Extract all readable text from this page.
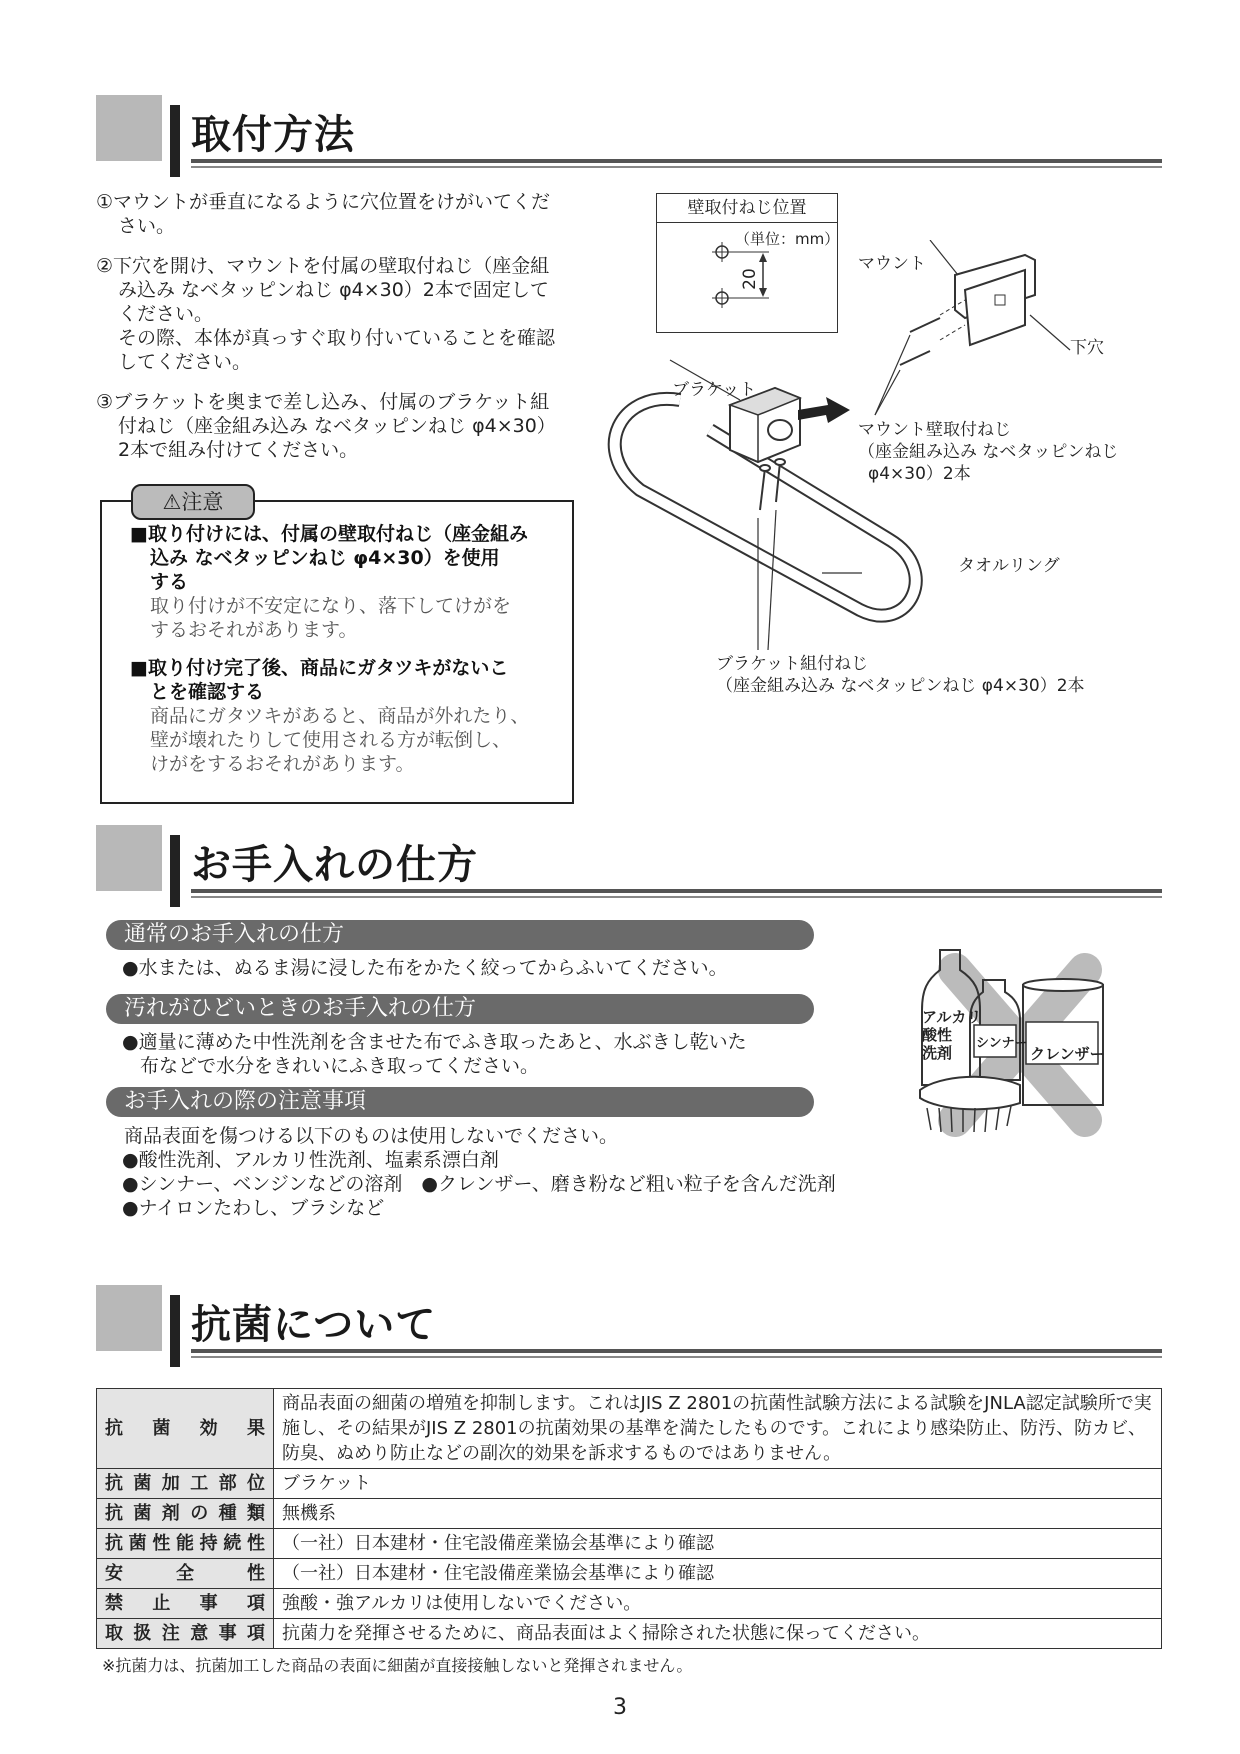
取付方法
①マウントが垂直になるように穴位置をけがいてくだ
さい。
②下穴を開け、マウントを付属の壁取付ねじ（座金組
み込み なベタッピンねじ φ4×30）2本で固定して
ください。
その際、本体が真っすぐ取り付いていることを確認
してください。
③ブラケットを奥まで差し込み、付属のブラケット組
付ねじ（座金組み込み なベタッピンねじ φ4×30）
2本で組み付けてください。
⚠注意
■取り付けには、付属の壁取付ねじ（座金組み
込み なベタッピンねじ φ4×30）を使用
する
取り付けが不安定になり、落下してけがを
するおそれがあります。
■取り付け完了後、商品にガタツキがないこ
とを確認する
商品にガタツキがあると、商品が外れたり、
壁が壊れたりして使用される方が転倒し、
けがをするおそれがあります。
壁取付ねじ位置
（単位：mm）
20
マウント
下穴
ブラケット
マウント壁取付ねじ
（座金組み込み なベタッピンねじ
φ4×30）2本
タオルリング
ブラケット組付ねじ
（座金組み込み なベタッピンねじ φ4×30）2本
お手入れの仕方
通常のお手入れの仕方
●水または、ぬるま湯に浸した布をかたく絞ってからふいてください。
汚れがひどいときのお手入れの仕方
●適量に薄めた中性洗剤を含ませた布でふき取ったあと、水ぶきし乾いた
布などで水分をきれいにふき取ってください。
お手入れの際の注意事項
商品表面を傷つける以下のものは使用しないでください。
●酸性洗剤、アルカリ性洗剤、塩素系漂白剤
●シンナー、ベンジンなどの溶剤　●クレンザー、磨き粉など粗い粒子を含んだ洗剤
●ナイロンたわし、ブラシなど
アルカリ
酸性
洗剤
シンナー
クレンザー
抗菌について
抗菌効果	商品表面の細菌の増殖を抑制します。これはJIS Z 2801の抗菌性試験方法による試験をJNLA認定試験所で実施し、その結果がJIS Z 2801の抗菌効果の基準を満たしたものです。これにより感染防止、防汚、防カビ、防臭、ぬめり防止などの副次的効果を訴求するものではありません。
抗菌加工部位	ブラケット
抗菌剤の種類	無機系
抗菌性能持続性	（一社）日本建材・住宅設備産業協会基準により確認
安全性	（一社）日本建材・住宅設備産業協会基準により確認
禁止事項	強酸・強アルカリは使用しないでください。
取扱注意事項	抗菌力を発揮させるために、商品表面はよく掃除された状態に保ってください。
※抗菌力は、抗菌加工した商品の表面に細菌が直接接触しないと発揮されません。
3
